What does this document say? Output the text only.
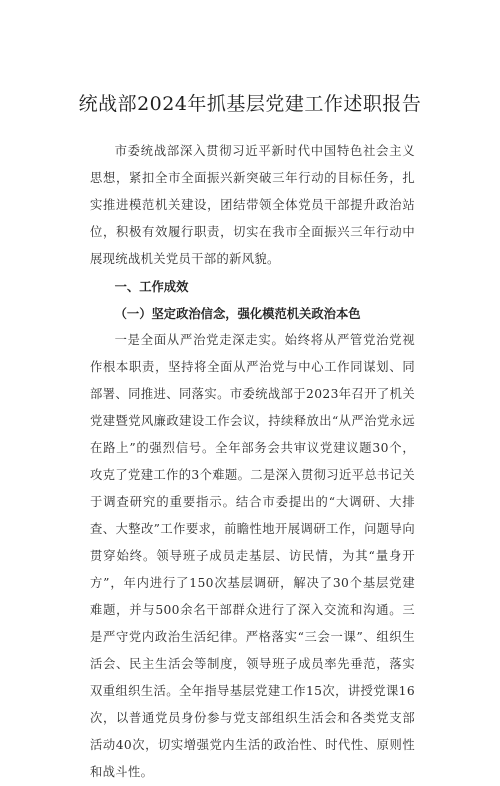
统战部2024年抓基层党建工作述职报告

市委统战部深入贯彻习近平新时代中国特色社会主义思想，紧扣全市全面振兴新突破三年行动的目标任务，扎实推进模范机关建设，团结带领全体党员干部提升政治站位，积极有效履行职责，切实在我市全面振兴三年行动中展现统战机关党员干部的新风貌。

一、工作成效

（一）坚定政治信念，强化模范机关政治本色

一是全面从严治党走深走实。始终将从严管党治党视作根本职责，坚持将全面从严治党与中心工作同谋划、同部署、同推进、同落实。市委统战部于2023年召开了机关党建暨党风廉政建设工作会议，持续释放出“从严治党永远在路上”的强烈信号。全年部务会共审议党建议题30个，攻克了党建工作的3个难题。二是深入贯彻习近平总书记关于调查研究的重要指示。结合市委提出的“大调研、大排查、大整改”工作要求，前瞻性地开展调研工作，问题导向贯穿始终。领导班子成员走基层、访民情，为其“量身开方”，年内进行了150次基层调研，解决了30个基层党建难题，并与500余名干部群众进行了深入交流和沟通。三是严守党内政治生活纪律。严格落实“三会一课”、组织生活会、民主生活会等制度，领导班子成员率先垂范，落实双重组织生活。全年指导基层党建工作15次，讲授党课16次，以普通党员身份参与党支部组织生活会和各类党支部活动40次，切实增强党内生活的政治性、时代性、原则性和战斗性。
